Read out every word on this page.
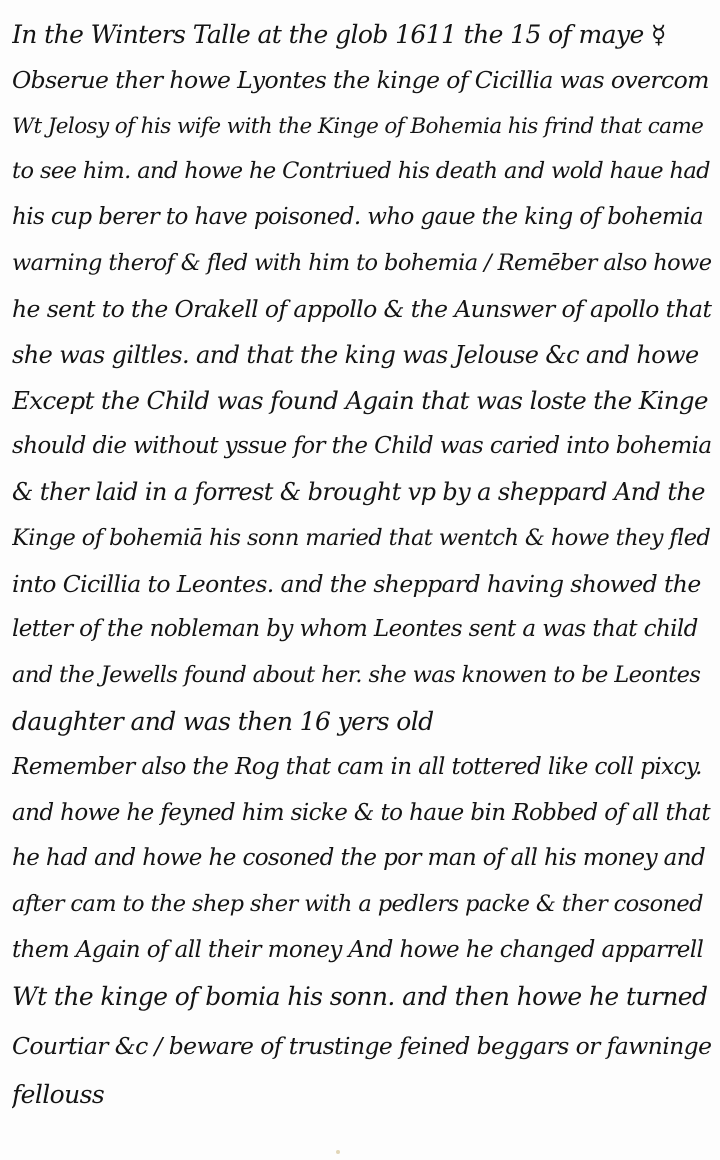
In the Winters Talle at the glob 1611 the 15 of maye ☿
Obserue ther howe Lyontes the kinge of Cicillia was overcom
Wt Jelosy of his wife with the Kinge of Bohemia his frind that came
to see him. and howe he Contriued his death and wold haue had
his cup berer to have poisoned. who gaue the king of bohemia
warning therof & fled with him to bohemia / Remēber also howe
he sent to the Orakell of appollo & the Aunswer of apollo that
she was giltles. and that the king was Jelouse &c and howe
Except the Child was found Again that was loste the Kinge
should die without yssue for the Child was caried into bohemia
& ther laid in a forrest & brought vp by a sheppard And the
Kinge of bohemiā his sonn maried that wentch & howe they fled
into Cicillia to Leontes. and the sheppard having showed the
letter of the nobleman by whom Leontes sent a was that child
and the Jewells found about her. she was knowen to be Leontes
daughter and was then 16 yers old
Remember also the Rog that cam in all tottered like coll pixcy.
and howe he feyned him sicke & to haue bin Robbed of all that
he had and howe he cosoned the por man of all his money and
after cam to the shep sher with a pedlers packe & ther cosoned
them Again of all their money And howe he changed apparrell
Wt the kinge of bomia his sonn. and then howe he turned
Courtiar &c / beware of trustinge feined beggars or fawninge
fellouss
